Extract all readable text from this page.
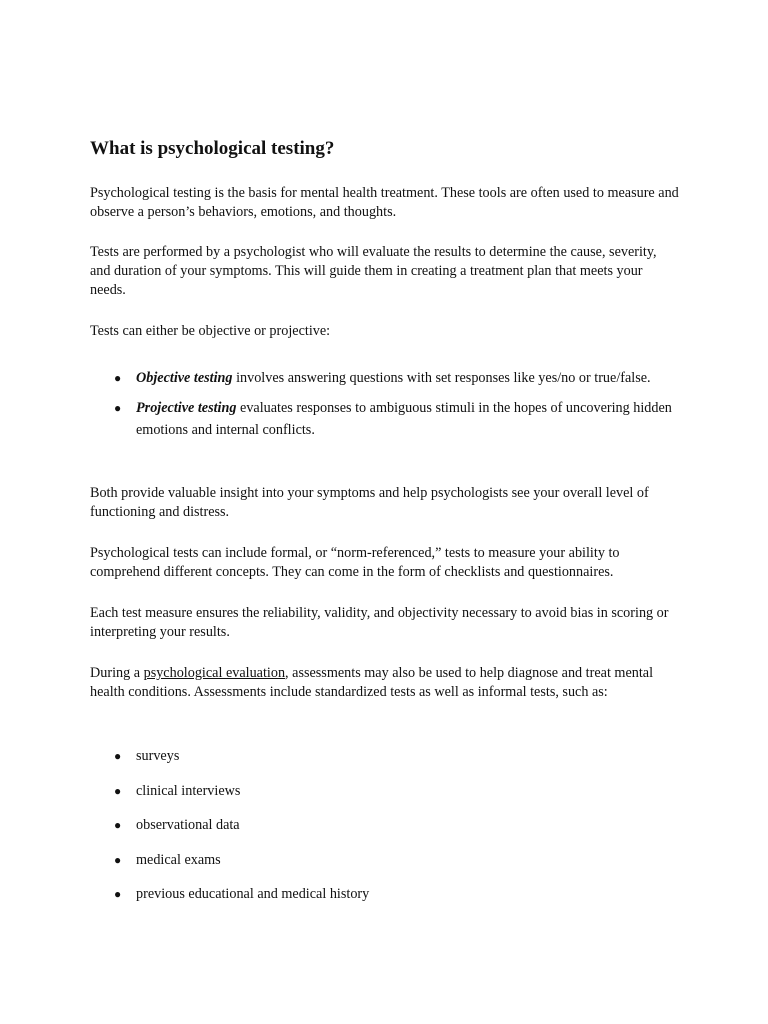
What is psychological testing?

Psychological testing is the basis for mental health treatment. These tools are often used to measure and observe a person’s behaviors, emotions, and thoughts.

Tests are performed by a psychologist who will evaluate the results to determine the cause, severity, and duration of your symptoms. This will guide them in creating a treatment plan that meets your needs.

Tests can either be objective or projective:

● Objective testing involves answering questions with set responses like yes/no or true/false.
● Projective testing evaluates responses to ambiguous stimuli in the hopes of uncovering hidden emotions and internal conflicts.

Both provide valuable insight into your symptoms and help psychologists see your overall level of functioning and distress.

Psychological tests can include formal, or “norm-referenced,” tests to measure your ability to comprehend different concepts. They can come in the form of checklists and questionnaires.

Each test measure ensures the reliability, validity, and objectivity necessary to avoid bias in scoring or interpreting your results.

During a psychological evaluation, assessments may also be used to help diagnose and treat mental health conditions. Assessments include standardized tests as well as informal tests, such as:

● surveys
● clinical interviews
● observational data
● medical exams
● previous educational and medical history
